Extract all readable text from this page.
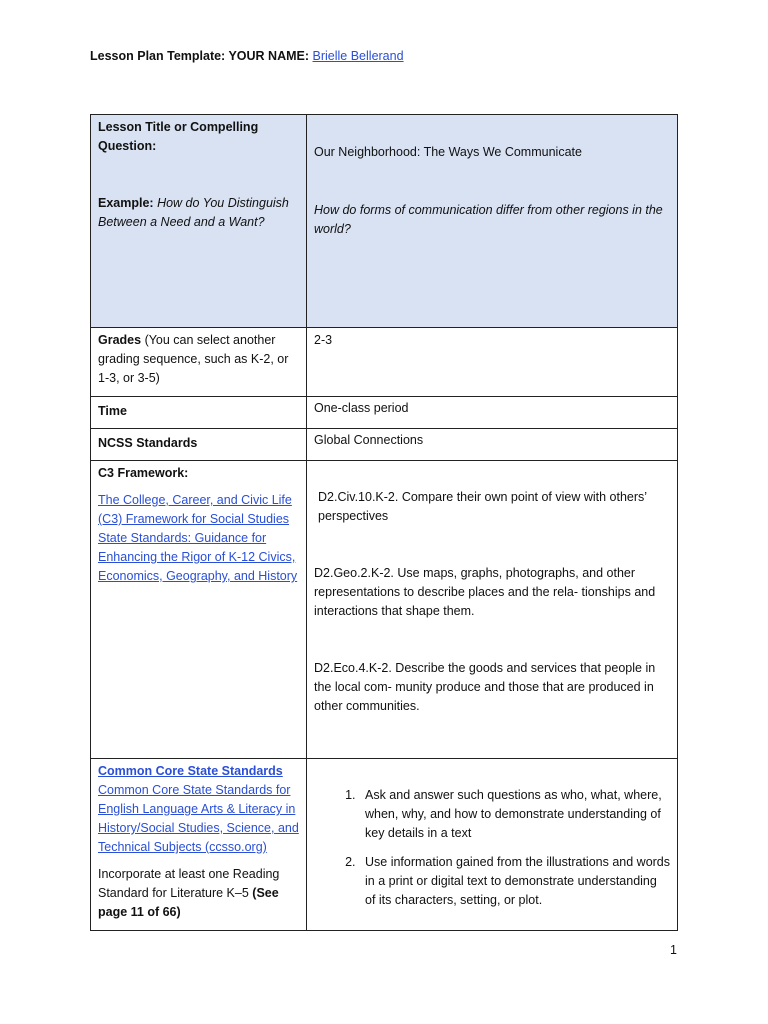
Lesson Plan Template: YOUR NAME: Brielle Bellerand
Lesson Title or Compelling Question:
Example: How do You Distinguish Between a Need and a Want?
Our Neighborhood: The Ways We Communicate
How do forms of communication differ from other regions in the world?
Grades (You can select another grading sequence, such as K-2, or 1-3, or 3-5)
2-3
Time	One-class period
NCSS Standards	Global Connections
C3 Framework:
The College, Career, and Civic Life (C3) Framework for Social Studies State Standards: Guidance for Enhancing the Rigor of K-12 Civics, Economics, Geography, and History
D2.Civ.10.K-2. Compare their own point of view with others’ perspectives
D2.Geo.2.K-2. Use maps, graphs, photographs, and other representations to describe places and the rela- tionships and interactions that shape them.
D2.Eco.4.K-2. Describe the goods and services that people in the local com- munity produce and those that are produced in other communities.
Common Core State Standards
Common Core State Standards for English Language Arts & Literacy in History/Social Studies, Science, and Technical Subjects (ccsso.org)
Incorporate at least one Reading Standard for Literature K–5 (See page 11 of 66)
1. Ask and answer such questions as who, what, where, when, why, and how to demonstrate understanding of key details in a text
2. Use information gained from the illustrations and words in a print or digital text to demonstrate understanding of its characters, setting, or plot.
1
